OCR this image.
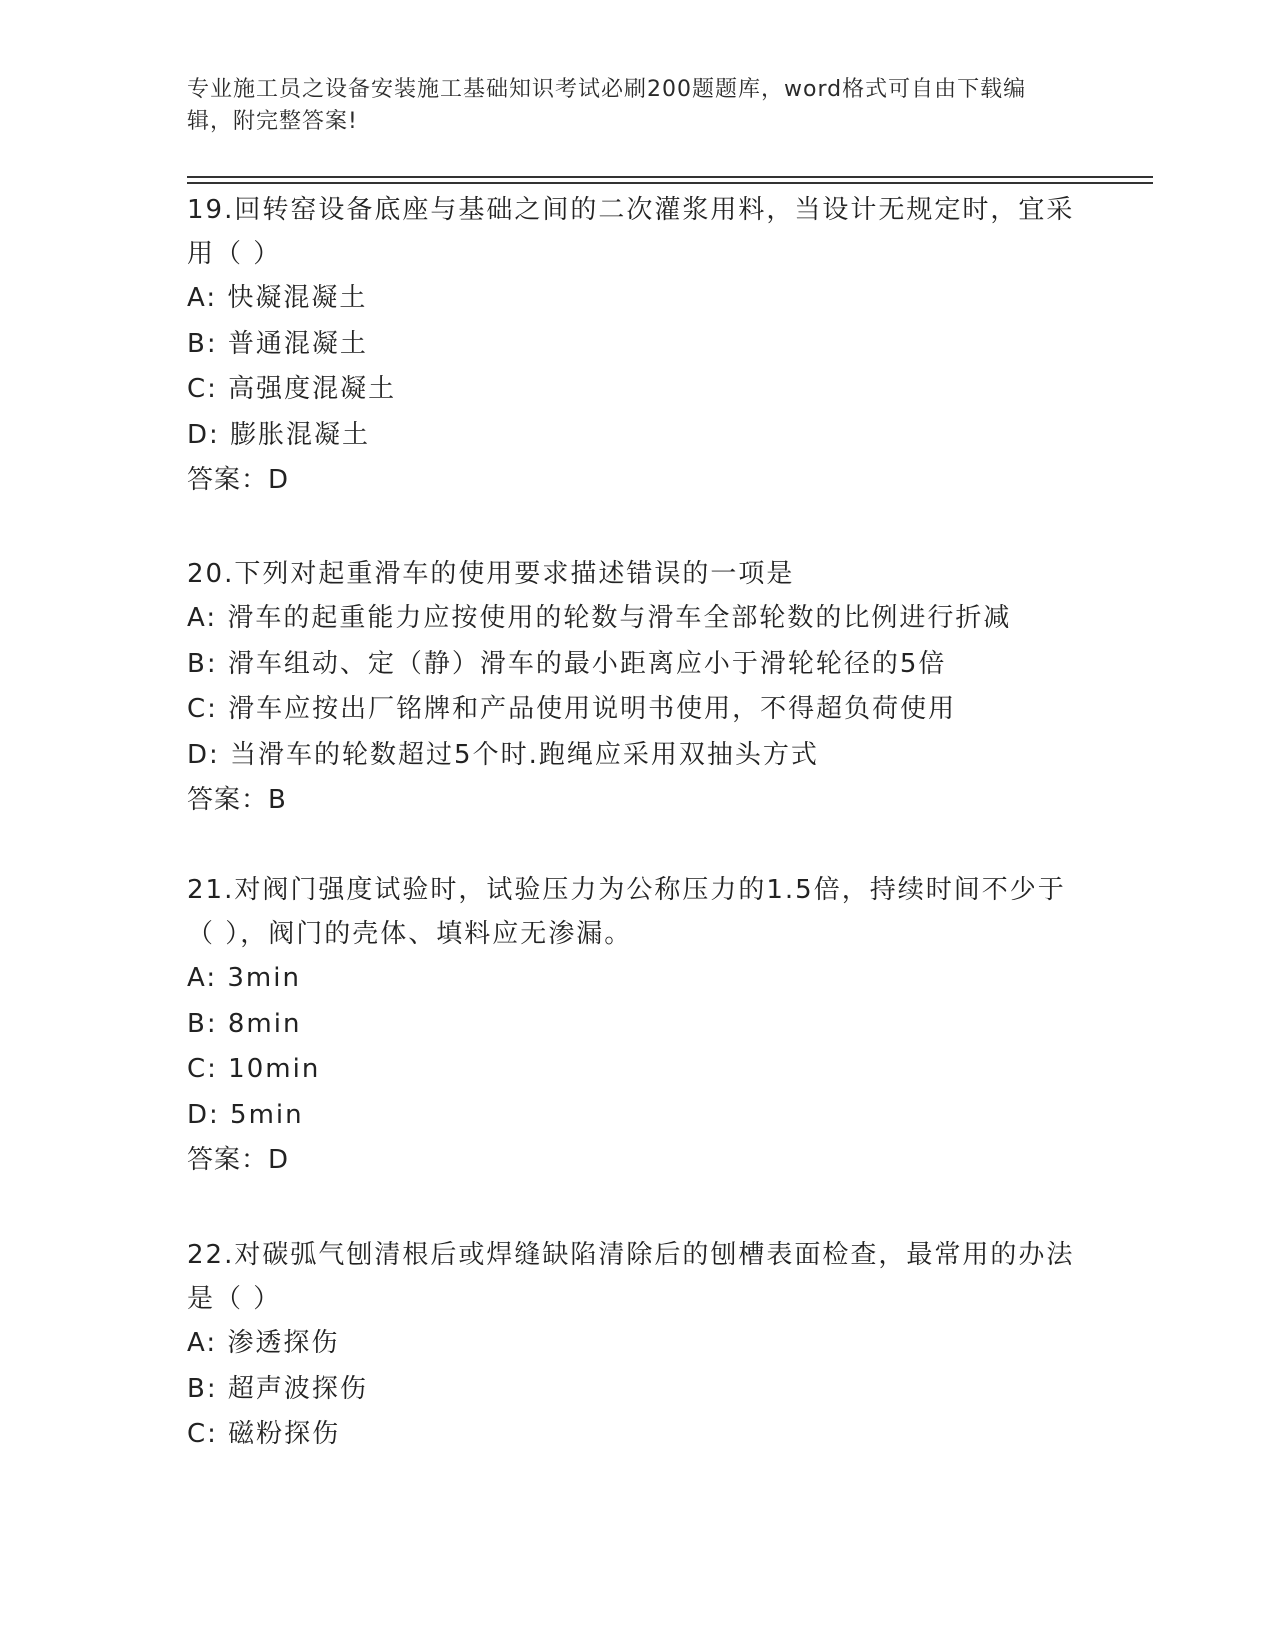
专业施工员之设备安装施工基础知识考试必刷200题题库，word格式可自由下载编辑，附完整答案!
19.回转窑设备底座与基础之间的二次灌浆用料，当设计无规定时，宜采用（ ）
A: 快凝混凝土
B: 普通混凝土
C: 高强度混凝土
D: 膨胀混凝土
答案：D
20.下列对起重滑车的使用要求描述错误的一项是
A: 滑车的起重能力应按使用的轮数与滑车全部轮数的比例进行折减
B: 滑车组动、定（静）滑车的最小距离应小于滑轮轮径的5倍
C: 滑车应按出厂铭牌和产品使用说明书使用，不得超负荷使用
D: 当滑车的轮数超过5个时.跑绳应采用双抽头方式
答案：B
21.对阀门强度试验时，试验压力为公称压力的1.5倍，持续时间不少于（ ），阀门的壳体、填料应无渗漏。
A: 3min
B: 8min
C: 10min
D: 5min
答案：D
22.对碳弧气刨清根后或焊缝缺陷清除后的刨槽表面检查，最常用的办法是（ ）
A: 渗透探伤
B: 超声波探伤
C: 磁粉探伤
